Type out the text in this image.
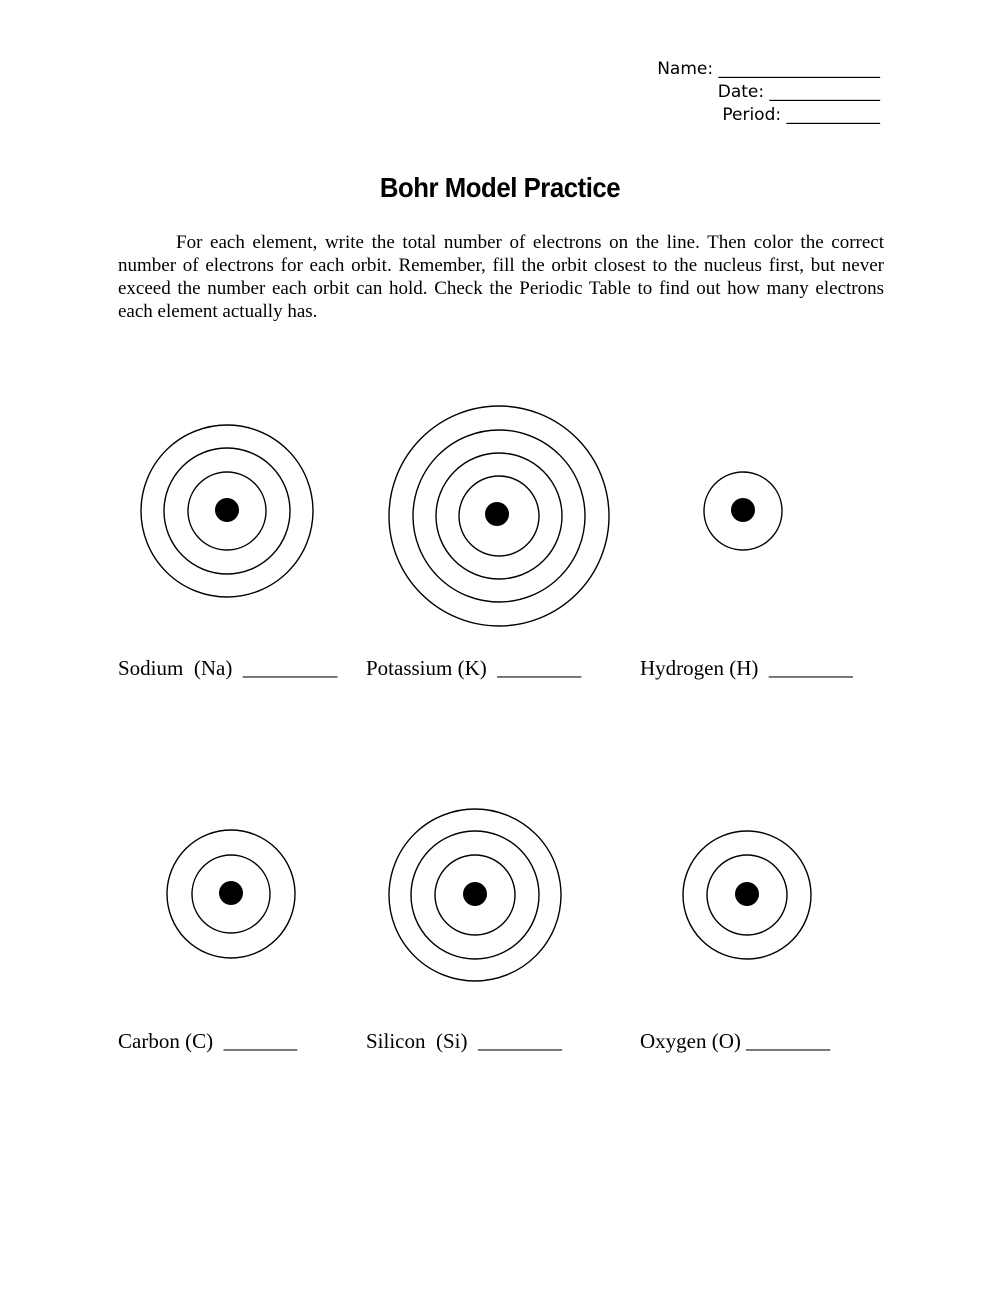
Name: ___________________
Date: _____________
Period: ___________
Bohr Model Practice
For each element, write the total number of electrons on the line. Then color the correct number of electrons for each orbit. Remember, fill the orbit closest to the nucleus first, but never exceed the number each orbit can hold. Check the Periodic Table to find out how many electrons each element actually has.
Sodium  (Na)  _________ Potassium (K)  ________	Hydrogen (H)  ________
Carbon (C)  _______	Silicon  (Si)  ________	Oxygen (O) ________
